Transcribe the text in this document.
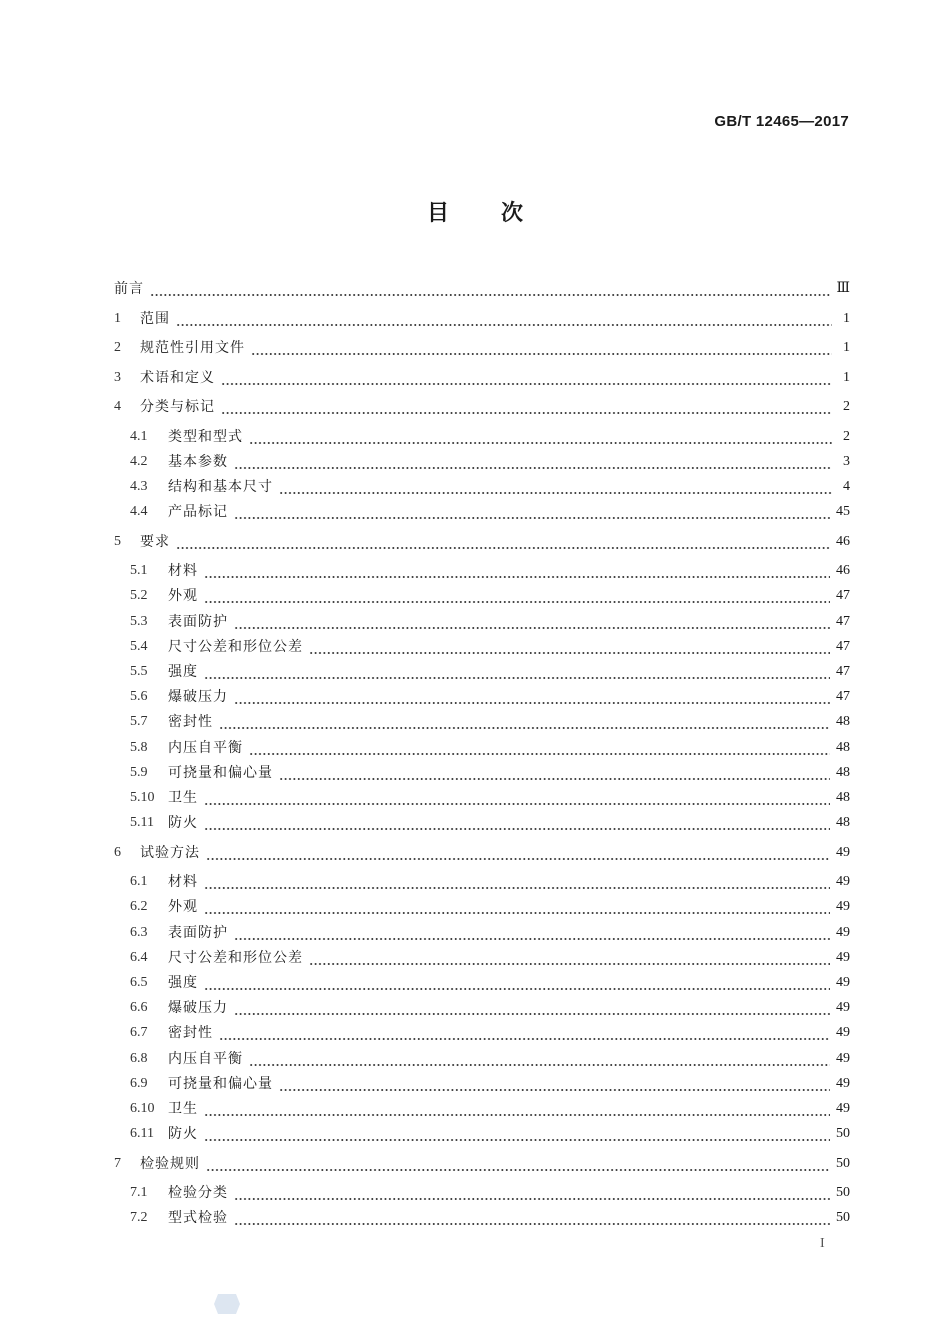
GB/T 12465—2017
目次
前言	Ⅲ
1	范围	1
2	规范性引用文件	1
3	术语和定义	1
4	分类与标记	2
4.1	类型和型式	2
4.2	基本参数	3
4.3	结构和基本尺寸	4
4.4	产品标记	45
5	要求	46
5.1	材料	46
5.2	外观	47
5.3	表面防护	47
5.4	尺寸公差和形位公差	47
5.5	强度	47
5.6	爆破压力	47
5.7	密封性	48
5.8	内压自平衡	48
5.9	可挠量和偏心量	48
5.10 卫生	48
5.11	防火	48
6	试验方法	49
6.1	材料	49
6.2	外观	49
6.3	表面防护	49
6.4	尺寸公差和形位公差	49
6.5	强度	49
6.6	爆破压力	49
6.7	密封性	49
6.8	内压自平衡	49
6.9	可挠量和偏心量	49
6.10 卫生	49
6.11	防火	50
7	检验规则	50
7.1	检验分类	50
7.2	型式检验	50
I
